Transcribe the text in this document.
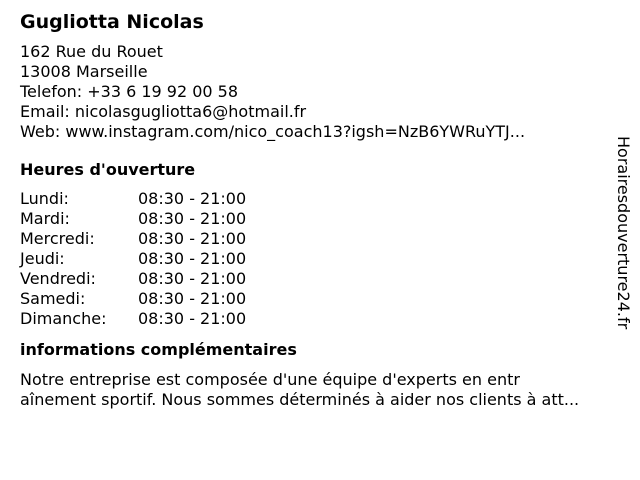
Gugliotta Nicolas
162 Rue du Rouet
13008 Marseille
Telefon: +33 6 19 92 00 58
Email: nicolasgugliotta6@hotmail.fr
Web: www.instagram.com/nico_coach13?igsh=NzB6YWRuYTJ...
Heures d'ouverture
Lundi:	08:30 - 21:00
Mardi:	08:30 - 21:00
Mercredi:	08:30 - 21:00
Jeudi:	08:30 - 21:00
Vendredi:	08:30 - 21:00
Samedi:	08:30 - 21:00
Dimanche:	08:30 - 21:00
informations complémentaires
Notre entreprise est composée d'une équipe d'experts en entr
aînement sportif. Nous sommes déterminés à aider nos clients à att...
Horairesdouverture24.fr
